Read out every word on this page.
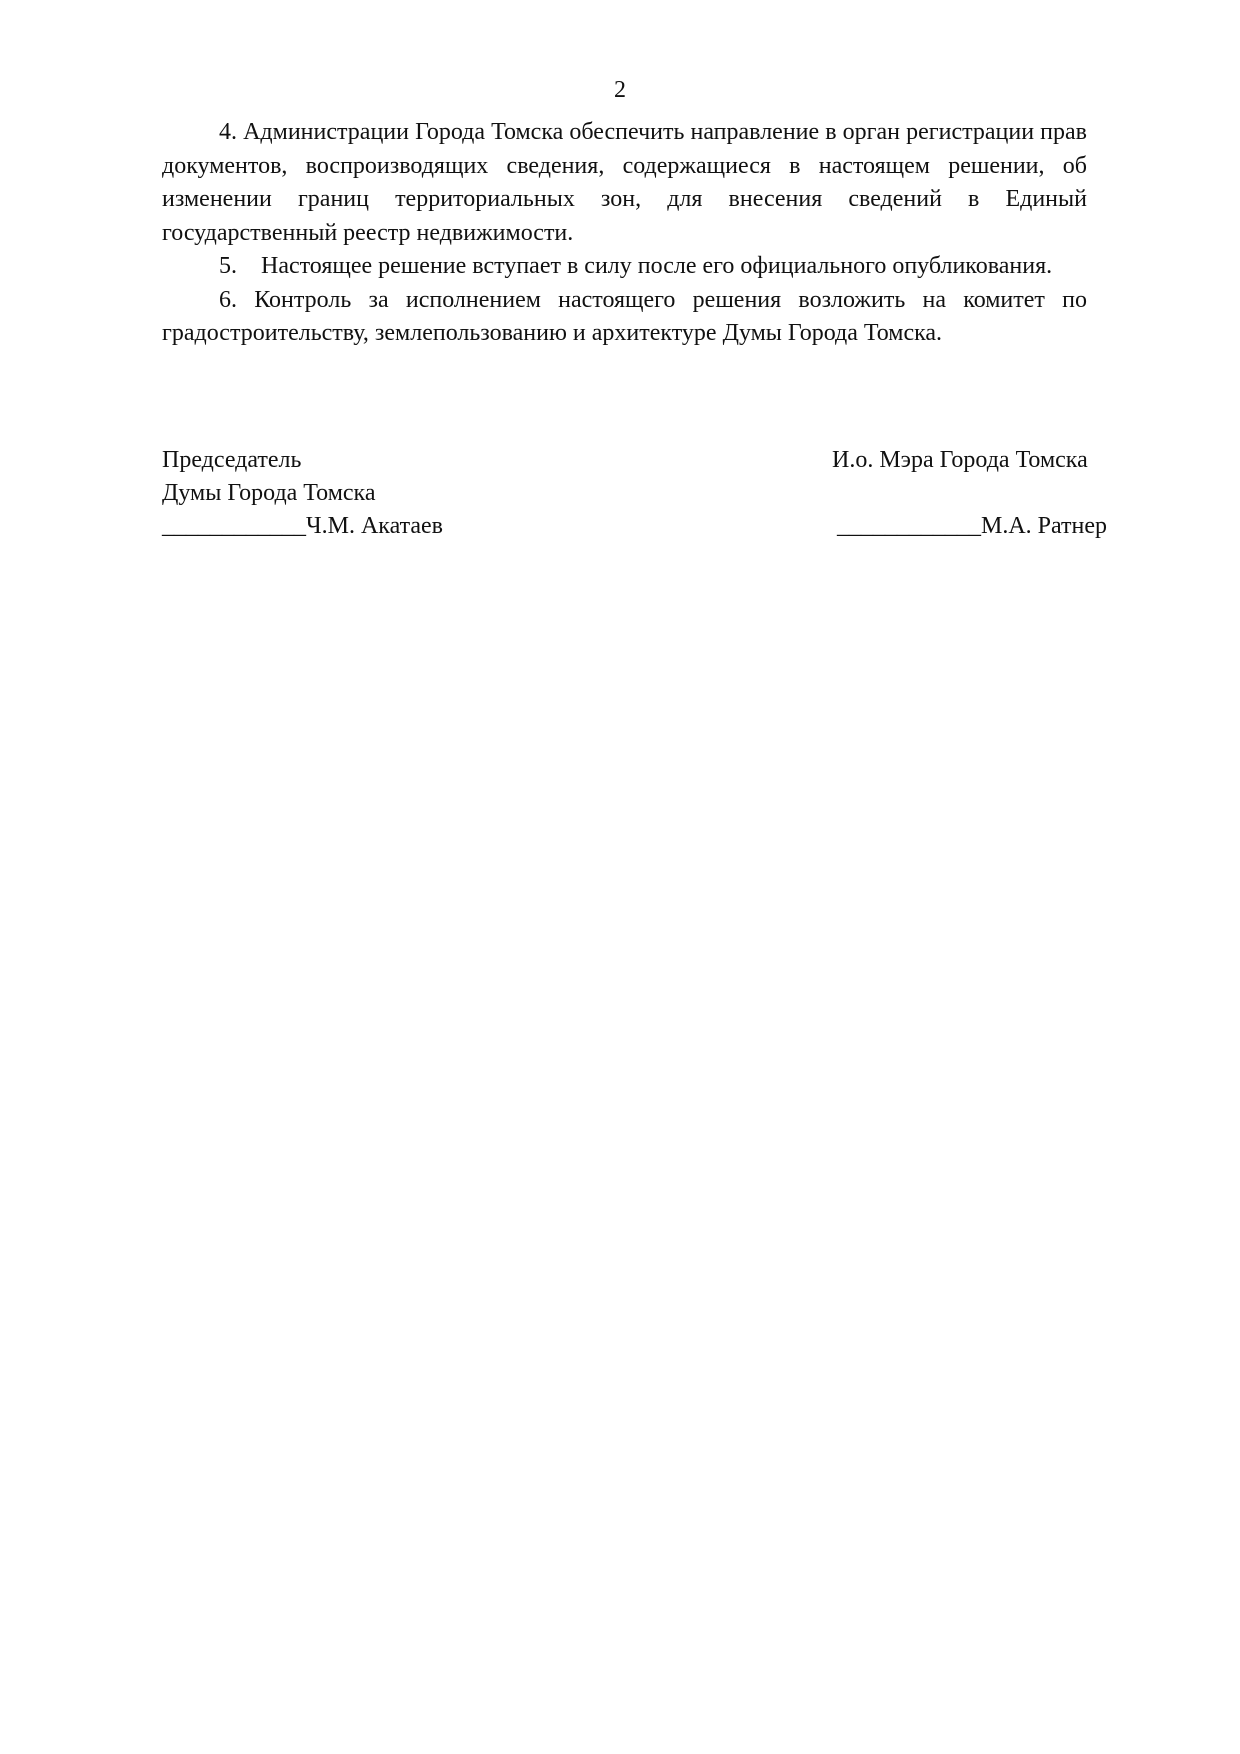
2

4. Администрации Города Томска обеспечить направление в орган регистрации прав документов, воспроизводящих сведения, содержащиеся в настоящем решении, об изменении границ территориальных зон, для внесения сведений в Единый государственный реестр недвижимости.

5. Настоящее решение вступает в силу после его официального опубликования.

6. Контроль за исполнением настоящего решения возложить на комитет по градостроительству, землепользованию и архитектуре Думы Города Томска.

Председатель
Думы Города Томска
____________Ч.М. Акатаев
И.о. Мэра Города Томска

____________М.А. Ратнер
